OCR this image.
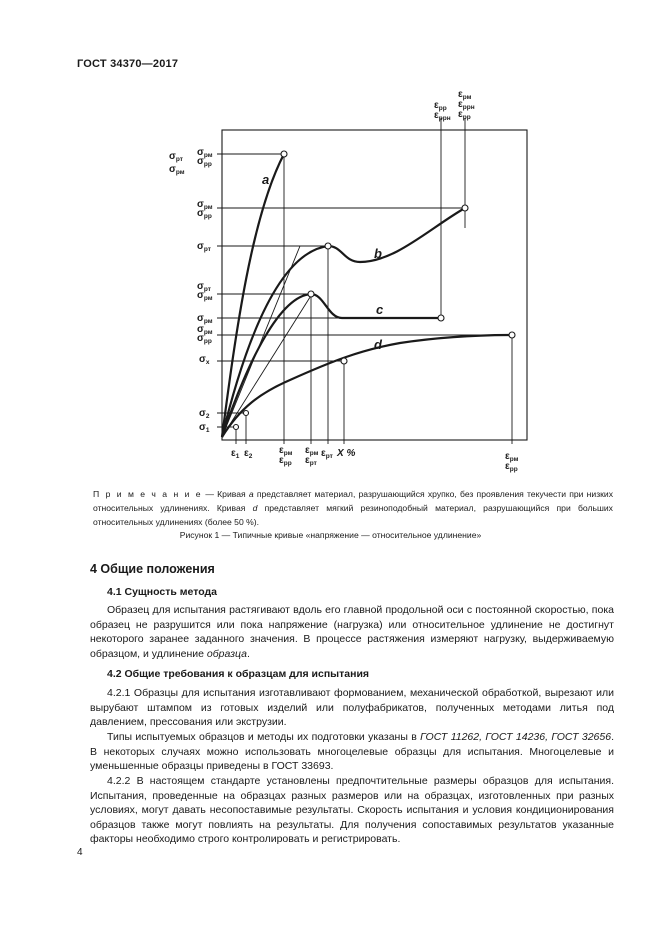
ГОСТ 34370—2017
a
b
c
d
$\sigma_{рт}$
$\sigma_{рм}$
$\sigma_{рм}$
$\sigma_{рр}$
$\sigma_{рм}$
$\sigma_{рр}$
$\sigma_{рт}$
$\sigma_{рт}$
$\sigma_{рм}$
$\sigma_{рм}$
$\sigma_{рм}$
$\sigma_{рр}$
$\sigma_x$
$\sigma_2$
$\sigma_1$
$\varepsilon_1$ $\varepsilon_2$
$\varepsilon_{рм}$
$\varepsilon_{рр}$
$\varepsilon_{рм}$
$\varepsilon_{рт}$
$\varepsilon_{рт}$ X %	$\varepsilon_{рм}$
$\varepsilon_{рр}$
$\varepsilon_{рр}$
$\varepsilon_{ррн}$
$\varepsilon_{рм}$
$\varepsilon_{ррн}$
$\varepsilon_{рр}$
П р и м е ч а н и е — Кривая a представляет материал, разрушающийся хрупко, без проявления текучести при низких относительных удлинениях. Кривая d представляет мягкий резиноподобный материал, разрушающийся при больших относительных удлинениях (более 50 %).
Рисунок 1 — Типичные кривые «напряжение — относительное удлинение»
4 Общие положения
4.1 Сущность метода
Образец для испытания растягивают вдоль его главной продольной оси с постоянной скоростью, пока образец не разрушится или пока напряжение (нагрузка) или относительное удлинение не достигнут некоторого заранее заданного значения. В процессе растяжения измеряют нагрузку, выдерживаемую образцом, и удлинение образца.
4.2 Общие требования к образцам для испытания
4.2.1 Образцы для испытания изготавливают формованием, механической обработкой, вырезают или вырубают штампом из готовых изделий или полуфабрикатов, полученных методами литья под давлением, прессования или экструзии.
Типы испытуемых образцов и методы их подготовки указаны в ГОСТ 11262, ГОСТ 14236, ГОСТ 32656. В некоторых случаях можно использовать многоцелевые образцы для испытания. Многоцелевые и уменьшенные образцы приведены в ГОСТ 33693.
4.2.2 В настоящем стандарте установлены предпочтительные размеры образцов для испытания. Испытания, проведенные на образцах разных размеров или на образцах, изготовленных при разных условиях, могут давать несопоставимые результаты. Скорость испытания и условия кондиционирования образцов также могут повлиять на результаты. Для получения сопоставимых результатов указанные факторы необходимо строго контролировать и регистрировать.
4
